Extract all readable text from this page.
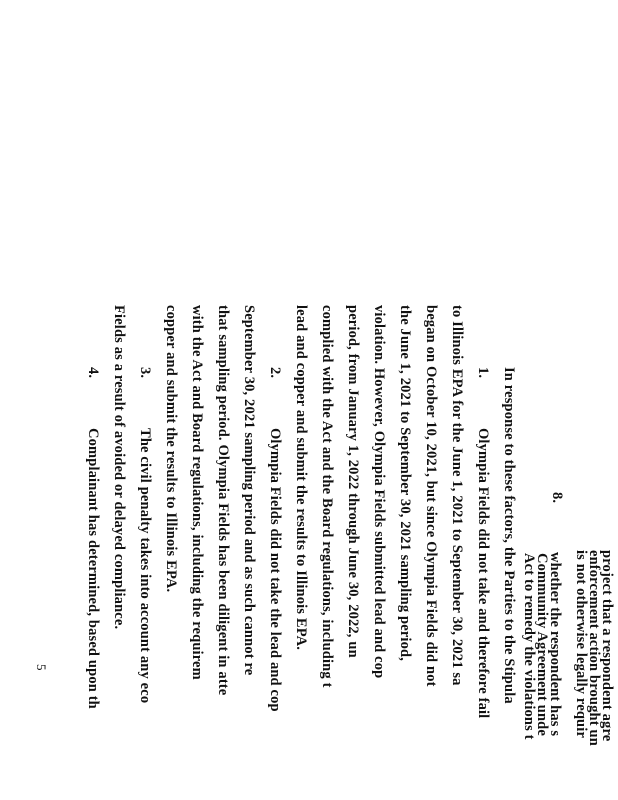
project that a respondent agre
enforcement action brought un
is not otherwise legally requir
whether the respondent has s
Community Agreement unde
Act to remedy the violations t
8.
In response to these factors, the Parties to the Stipula
1.
Olympia Fields did not take and therefore fail
to Illinois EPA for the June 1, 2021 to September 30, 2021 sa
began on October 10, 2021, but since Olympia Fields did not
the June 1, 2021 to September 30, 2021 sampling period,
violation. However, Olympia Fields submitted lead and cop
period, from January 1, 2022 through June 30, 2022, un
complied with the Act and the Board regulations, including t
lead and copper and submit the results to Illinois EPA.
2.
Olympia Fields did not take the lead and cop
September 30, 2021 sampling period and as such cannot re
that sampling period. Olympia Fields has been diligent in atte
with the Act and Board regulations, including the requirem
copper and submit the results to Illinois EPA.
3.
The civil penalty takes into account any eco
Fields as a result of avoided or delayed compliance.
4.
Complainant has determined, based upon th
5
